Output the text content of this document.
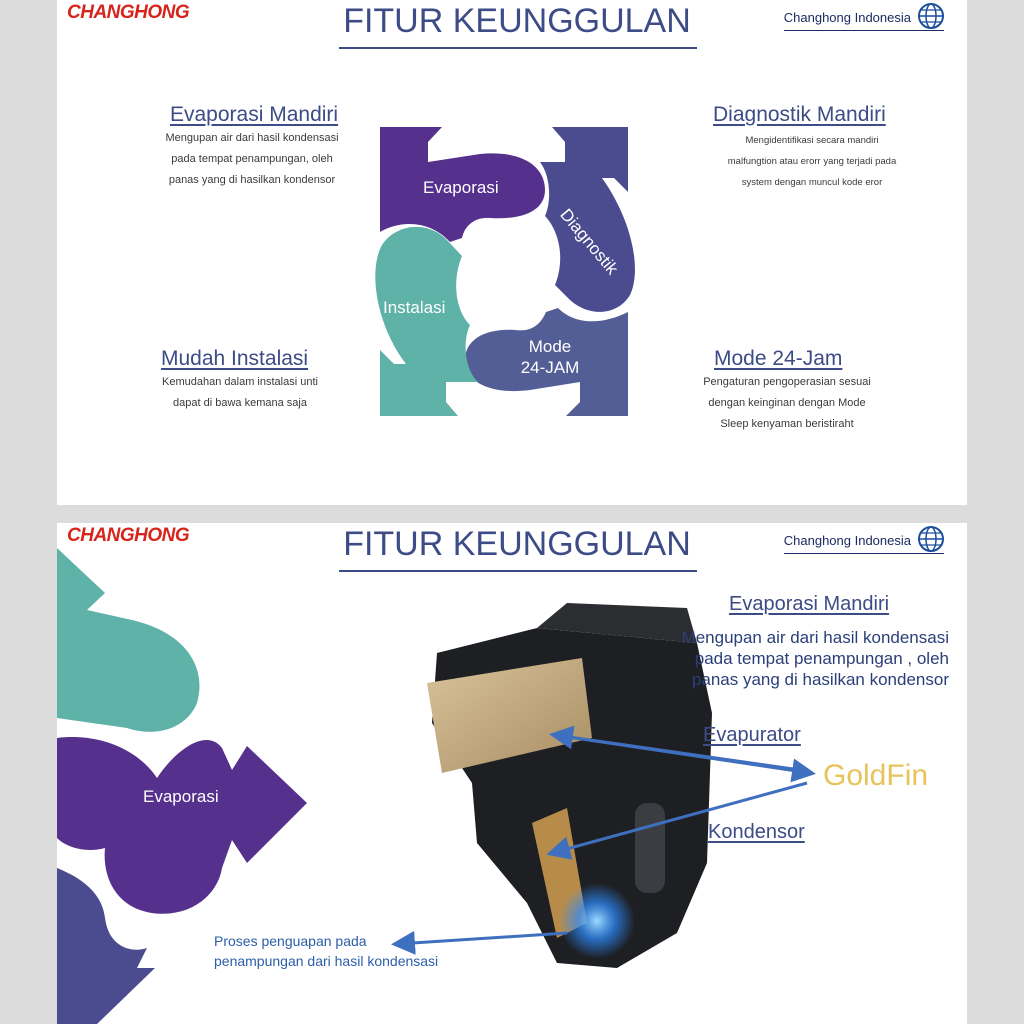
CHANGHONG	FITUR KEUNGGULAN	Changhong Indonesia
Evaporasi Mandiri
Mengupan air dari hasil kondensasi
pada tempat penampungan, oleh
panas yang di hasilkan kondensor
Diagnostik Mandiri
Mengidentifikasi secara mandiri
malfungtion atau erorr yang terjadi pada
system dengan muncul kode eror
Mudah Instalasi
Kemudahan dalam instalasi unti
dapat di bawa kemana saja
Mode 24-Jam
Pengaturan pengoperasian sesuai
dengan keinginan dengan Mode
Sleep kenyaman beristiraht
Evaporasi
Diagnostik
Instalasi
Mode
24-JAM
CHANGHONG	FITUR KEUNGGULAN	Changhong Indonesia
Evaporasi
Evaporasi Mandiri
Mengupan air dari hasil kondensasi
pada tempat penampungan , oleh
panas yang di hasilkan kondensor
Evapurator
GoldFin
Kondensor
Proses penguapan pada
penampungan dari hasil kondensasi
